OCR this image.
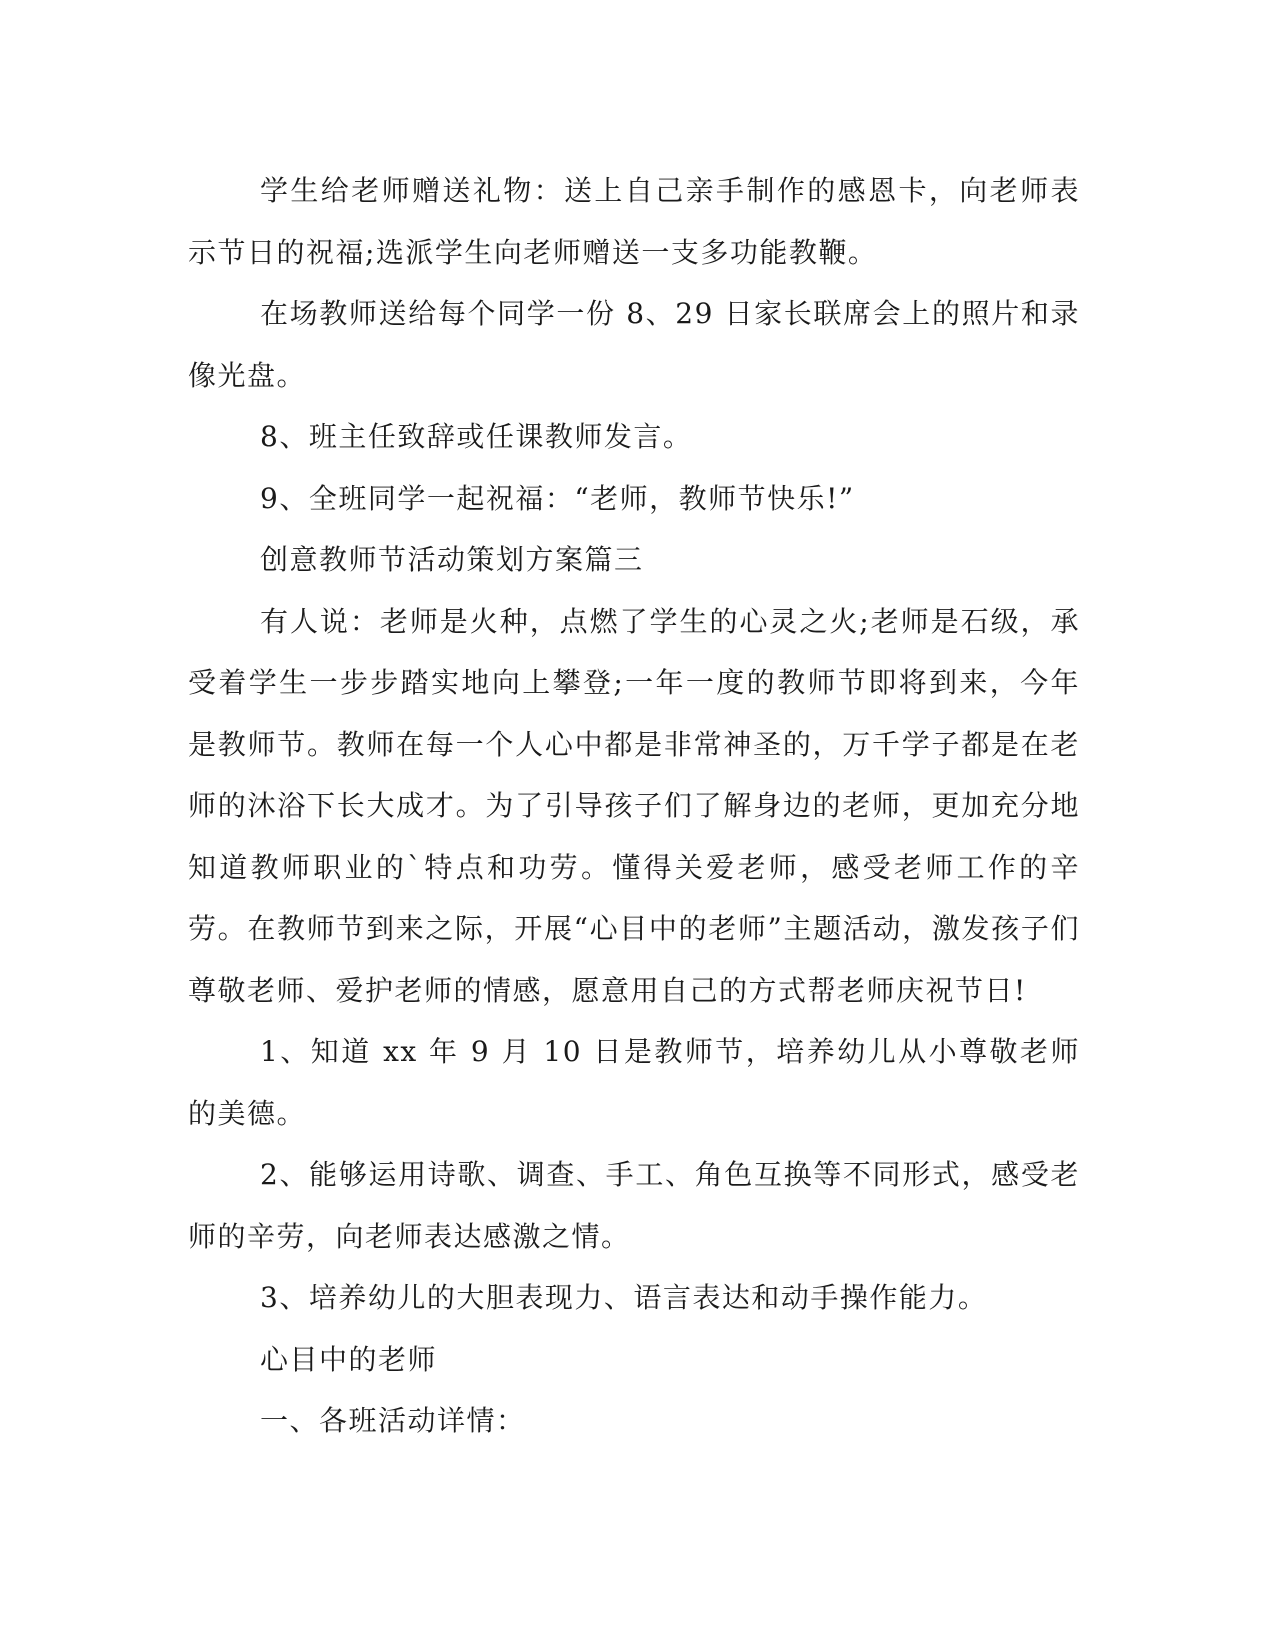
学生给老师赠送礼物：送上自己亲手制作的感恩卡，向老师表示节日的祝福;选派学生向老师赠送一支多功能教鞭。

在场教师送给每个同学一份 8、29 日家长联席会上的照片和录像光盘。

8、班主任致辞或任课教师发言。

9、全班同学一起祝福：“老师，教师节快乐!”

创意教师节活动策划方案篇三

有人说：老师是火种，点燃了学生的心灵之火;老师是石级，承受着学生一步步踏实地向上攀登;一年一度的教师节即将到来，今年是教师节。教师在每一个人心中都是非常神圣的，万千学子都是在老师的沐浴下长大成才。为了引导孩子们了解身边的老师，更加充分地知道教师职业的`特点和功劳。懂得关爱老师，感受老师工作的辛劳。在教师节到来之际，开展“心目中的老师”主题活动，激发孩子们尊敬老师、爱护老师的情感，愿意用自己的方式帮老师庆祝节日!

1、知道 xx 年 9 月 10 日是教师节，培养幼儿从小尊敬老师的美德。

2、能够运用诗歌、调查、手工、角色互换等不同形式，感受老师的辛劳，向老师表达感激之情。

3、培养幼儿的大胆表现力、语言表达和动手操作能力。

心目中的老师

一、各班活动详情：
